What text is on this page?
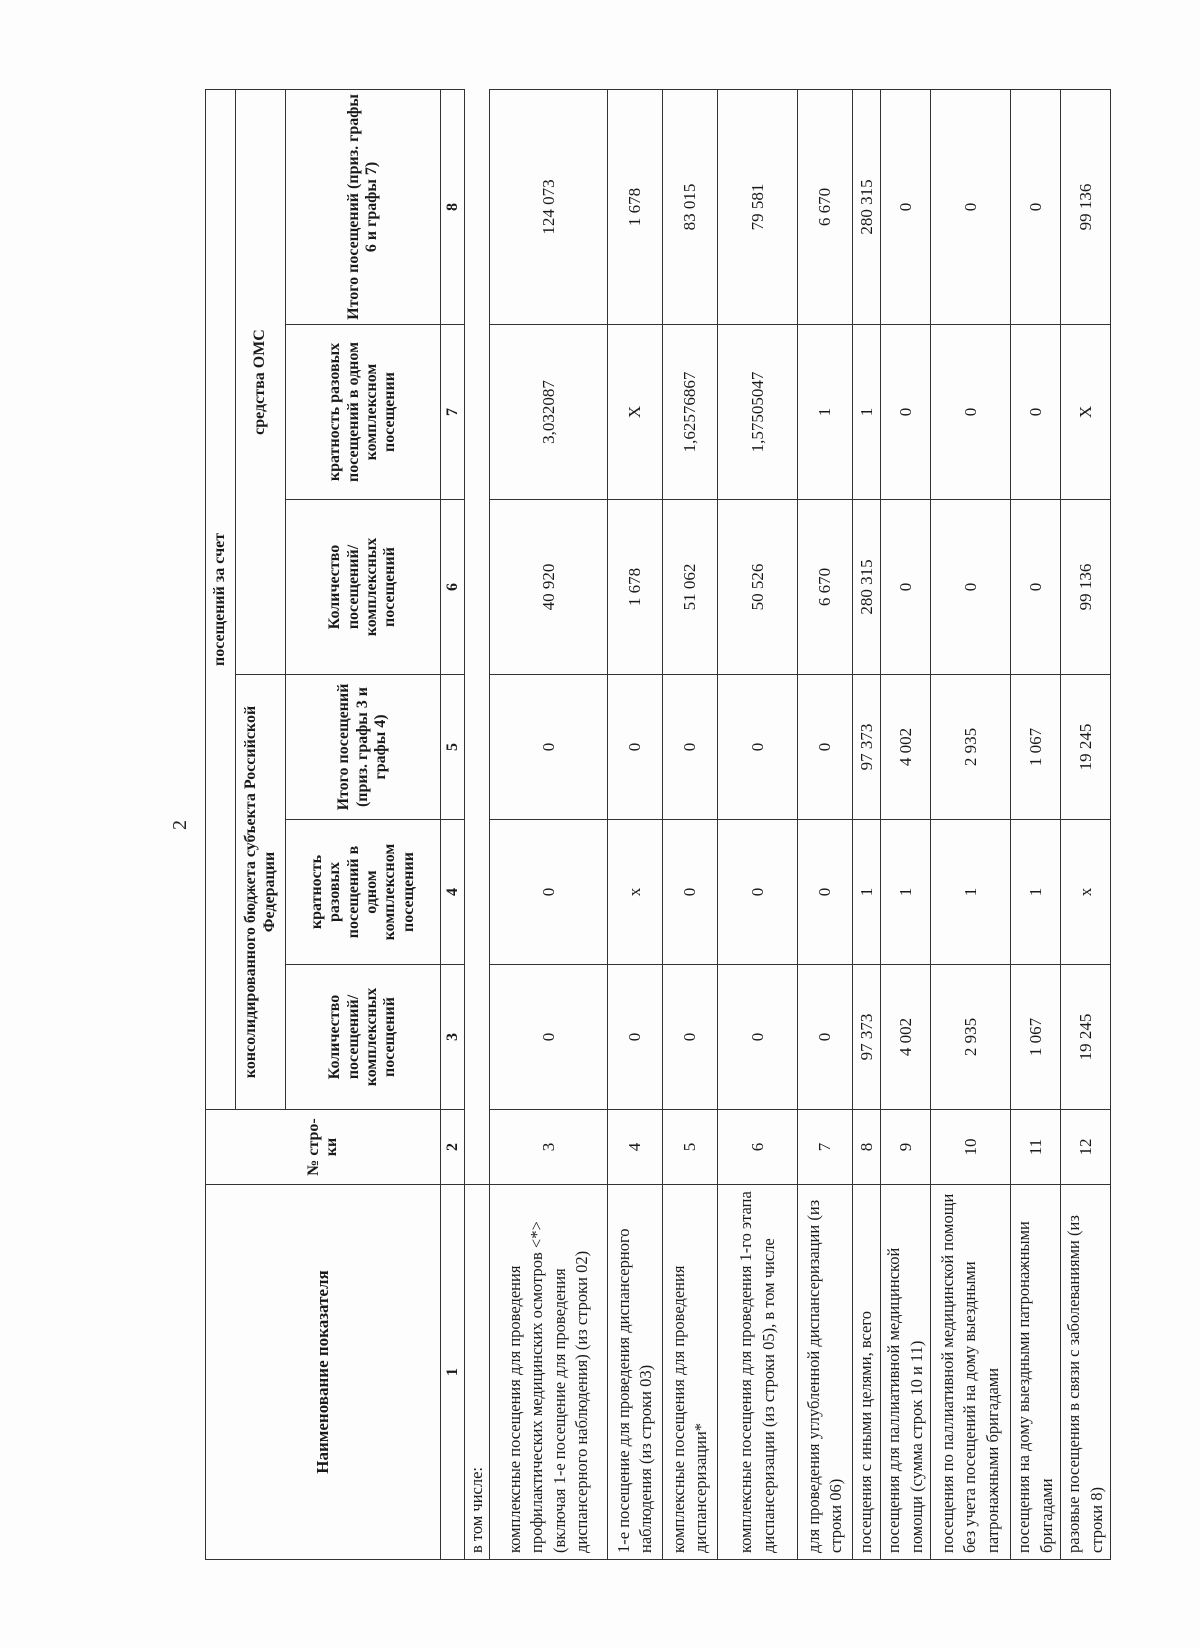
2
Наименование показателя	№ стро-ки	посещений за счет					
		консолидированного бюджета субъекта Российской Федерации			средства ОМС		
		Количество посещений/ комплексных посещений	кратность разовых посещений в одном комплексном посещении	Итого посещений (приз. графы 3 и графы 4)	Количество посещений/ комплексных посещений	кратность разовых посещений в одном комплексном посещении	Итого посещений (приз. графы 6 и графы 7)
1	2	3	4	5	6	7	8
в том числе:							
комплексные посещения для проведения профилактических медицинских осмотров <*> (включая 1-е посещение для проведения диспансерного наблюдения) (из строки 02)	3	0	0	0	40 920	3,032087	124 073
1-е посещение для проведения диспансерного наблюдения (из строки 03)	4	0	x	0	1 678	X	1 678
комплексные посещения для проведения диспансеризации*	5	0	0	0	51 062	1,62576867	83 015
комплексные посещения для проведения 1-го этапа диспансеризации (из строки 05), в том числе	6	0	0	0	50 526	1,57505047	79 581
для проведения углубленной диспансеризации (из строки 06)	7	0	0	0	6 670	1	6 670
посещения с иными целями, всего	8	97 373	1	97 373	280 315	1	280 315
посещения для паллиативной медицинской помощи (сумма строк 10 и 11)	9	4 002	1	4 002	0	0	0
посещения по паллиативной медицинской помощи без учета посещений на дому выездными патронажными бригадами	10	2 935	1	2 935	0	0	0
посещения на дому выездными патронажными бригадами	11	1 067	1	1 067	0	0	0
разовые посещения в связи с заболеваниями (из строки 8)	12	19 245	x	19 245	99 136	X	99 136
